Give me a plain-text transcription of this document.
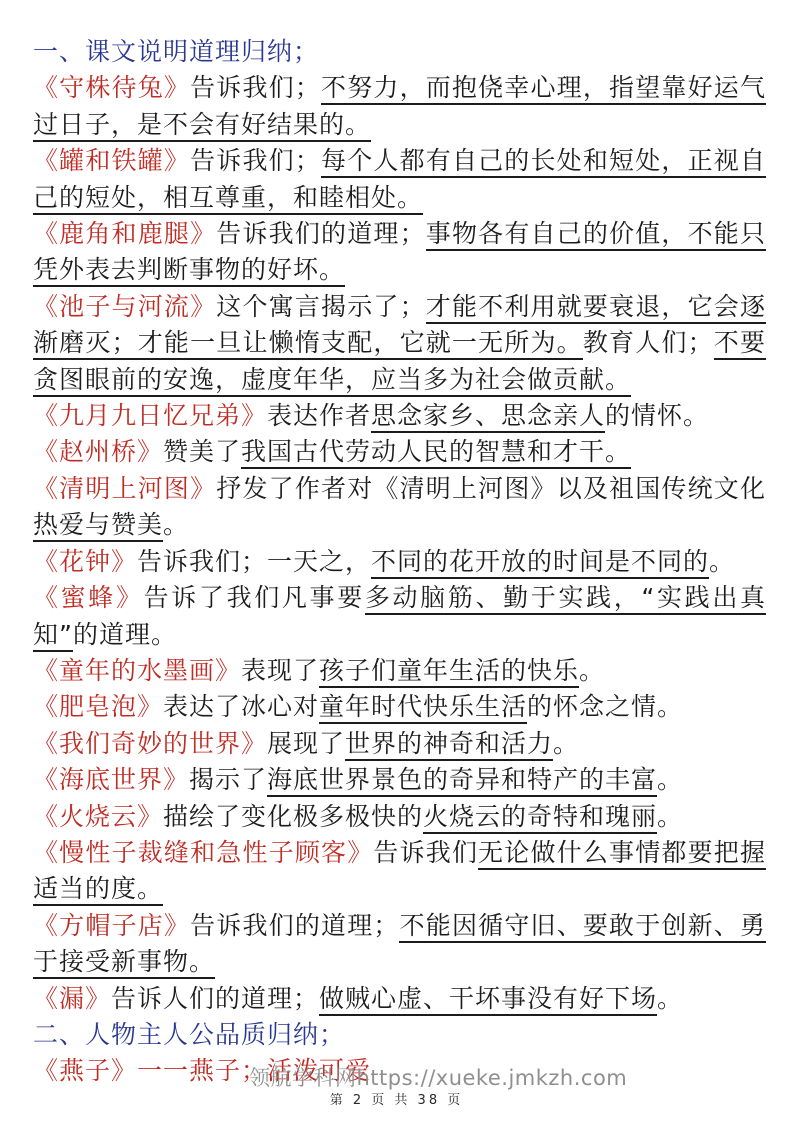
一、课文说明道理归纳；

《守株待兔》告诉我们；不努力，而抱侥幸心理，指望靠好运气过日子，是不会有好结果的。

《罐和铁罐》告诉我们；每个人都有自己的长处和短处，正视自己的短处，相互尊重，和睦相处。

《鹿角和鹿腿》告诉我们的道理；事物各有自己的价值，不能只凭外表去判断事物的好坏。

《池子与河流》这个寓言揭示了；才能不利用就要衰退，它会逐渐磨灭；才能一旦让懒惰支配，它就一无所为。教育人们；不要贪图眼前的安逸，虚度年华，应当多为社会做贡献。

《九月九日忆兄弟》表达作者思念家乡、思念亲人的情怀。

《赵州桥》赞美了我国古代劳动人民的智慧和才干。

《清明上河图》抒发了作者对《清明上河图》以及祖国传统文化热爱与赞美。

《花钟》告诉我们；一天之，不同的花开放的时间是不同的。

《蜜蜂》告诉了我们凡事要多动脑筋、勤于实践，“实践出真知”的道理。

《童年的水墨画》表现了孩子们童年生活的快乐。

《肥皂泡》表达了冰心对童年时代快乐生活的怀念之情。

《我们奇妙的世界》展现了世界的神奇和活力。

《海底世界》揭示了海底世界景色的奇异和特产的丰富。

《火烧云》描绘了变化极多极快的火烧云的奇特和瑰丽。

《慢性子裁缝和急性子顾客》告诉我们无论做什么事情都要把握适当的度。

《方帽子店》告诉我们的道理；不能因循守旧、要敢于创新、勇于接受新事物。

《漏》告诉人们的道理；做贼心虚、干坏事没有好下场。

二、人物主人公品质归纳；

《燕子》一一燕子；活泼可爱

领航学科网https://xueke.jmkzh.com
第 2 页 共 38 页
